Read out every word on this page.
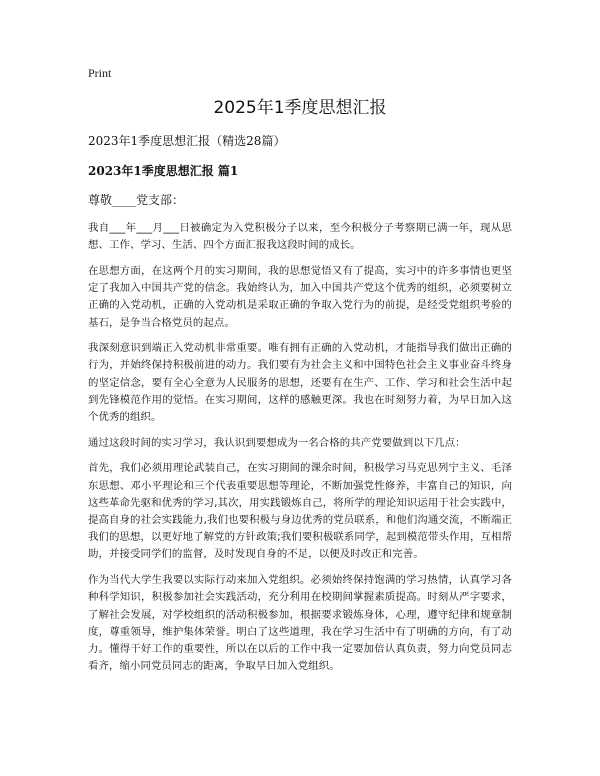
Print
2025年1季度思想汇报
2023年1季度思想汇报（精选28篇）
2023年1季度思想汇报 篇1
尊敬____党支部：

我自___年___月___日被确定为入党积极分子以来，至今积极分子考察期已满一年，现从思想、工作、学习、生活、四个方面汇报我这段时间的成长。

在思想方面，在这两个月的实习期间，我的思想觉悟又有了提高，实习中的许多事情也更坚定了我加入中国共产党的信念。我始终认为，加入中国共产党这个优秀的组织，必须要树立正确的入党动机，正确的入党动机是采取正确的争取入党行为的前提，是经受党组织考验的基石，是争当合格党员的起点。

我深刻意识到端正入党动机非常重要。唯有拥有正确的入党动机，才能指导我们做出正确的行为，并始终保持积极前进的动力。我们要有为社会主义和中国特色社会主义事业奋斗终身的坚定信念，要有全心全意为人民服务的思想，还要有在生产、工作、学习和社会生活中起到先锋模范作用的觉悟。在实习期间，这样的感触更深。我也在时刻努力着，为早日加入这个优秀的组织。

通过这段时间的实习学习，我认识到要想成为一名合格的共产党要做到以下几点：

首先，我们必须用理论武装自己，在实习期间的课余时间，积极学习马克思列宁主义、毛泽东思想、邓小平理论和三个代表重要思想等理论，不断加强党性修养，丰富自己的知识，向这些革命先驱和优秀的学习,其次，用实践锻炼自己，将所学的理论知识运用于社会实践中，提高自身的社会实践能力,我们也要积极与身边优秀的党员联系，和他们沟通交流，不断端正我们的思想，以更好地了解党的方针政策;我们要积极联系同学，起到模范带头作用，互相帮助，并接受同学们的监督，及时发现自身的不足，以便及时改正和完善。

作为当代大学生我要以实际行动来加入党组织。必须始终保持饱满的学习热情，认真学习各种科学知识，积极参加社会实践活动，充分利用在校期间掌握素质提高。时刻从严字要求，了解社会发展，对学校组织的活动积极参加，根据要求锻炼身体，心理，遵守纪律和规章制度，尊重领导，维护集体荣誉。明白了这些道理，我在学习生活中有了明确的方向，有了动力。懂得干好工作的重要性，所以在以后的工作中我一定要加倍认真负责，努力向党员同志看齐，缩小同党员同志的距离，争取早日加入党组织。
